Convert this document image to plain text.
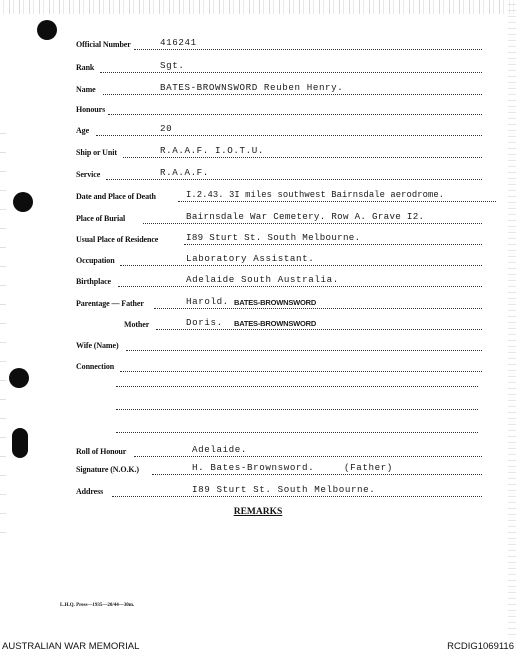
Official Number	416241
Rank	Sgt.
Name	BATES-BROWNSWORD Reuben Henry.
Honours
Age	20
Ship or Unit	R.A.A.F. I.O.T.U.
Service	R.A.A.F.
Date and Place of Death	I.2.43. 3I miles southwest Bairnsdale aerodrome.
Place of Burial	Bairnsdale War Cemetery. Row A. Grave I2.
Usual Place of Residence	I89 Sturt St. South Melbourne.
Occupation	Laboratory Assistant.
Birthplace	Adelaide South Australia.
Parentage — Father	Harold. BATES-BROWNSWORD
Mother	Doris. BATES-BROWNSWORD
Wife (Name)
Connection
Roll of Honour	Adelaide.
Signature (N.O.K.)	H. Bates-Brownsword.	(Father)
Address	I89 Sturt St. South Melbourne.
REMARKS
L.H.Q. Press—1935—20/44—30m.
AUSTRALIAN WAR MEMORIAL	RCDIG1069116
